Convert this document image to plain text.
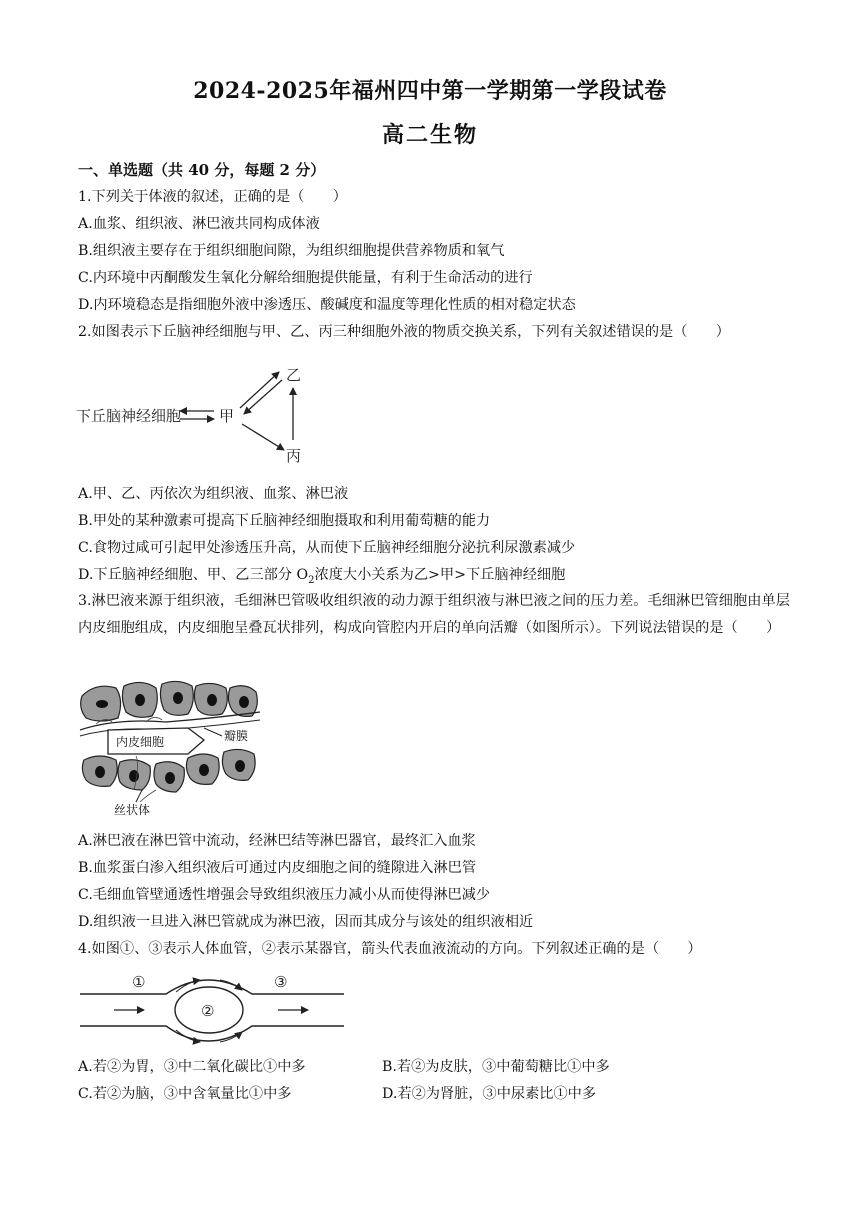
2024-2025年福州四中第一学期第一学段试卷
高二生物
一、单选题（共 40 分，每题 2 分）
1.下列关于体液的叙述，正确的是（　　）
A.血浆、组织液、淋巴液共同构成体液
B.组织液主要存在于组织细胞间隙，为组织细胞提供营养物质和氧气
C.内环境中丙酮酸发生氧化分解给细胞提供能量，有利于生命活动的进行
D.内环境稳态是指细胞外液中渗透压、酸碱度和温度等理化性质的相对稳定状态
2.如图表示下丘脑神经细胞与甲、乙、丙三种细胞外液的物质交换关系，下列有关叙述错误的是（　　）
下丘脑神经细胞	甲
乙
丙
A.甲、乙、丙依次为组织液、血浆、淋巴液
B.甲处的某种激素可提高下丘脑神经细胞摄取和利用葡萄糖的能力
C.食物过咸可引起甲处渗透压升高，从而使下丘脑神经细胞分泌抗利尿激素减少
D.下丘脑神经细胞、甲、乙三部分 $O_2$浓度大小关系为乙>甲>下丘脑神经细胞
3.淋巴液来源于组织液，毛细淋巴管吸收组织液的动力源于组织液与淋巴液之间的压力差。毛细淋巴管细胞由单层内皮细胞组成，内皮细胞呈叠瓦状排列，构成向管腔内开启的单向活瓣（如图所示）。下列说法错误的是（　　）
内皮细胞	瓣膜
丝状体
A.淋巴液在淋巴管中流动，经淋巴结等淋巴器官，最终汇入血浆
B.血浆蛋白渗入组织液后可通过内皮细胞之间的缝隙进入淋巴管
C.毛细血管壁通透性增强会导致组织液压力减小从而使得淋巴减少
D.组织液一旦进入淋巴管就成为淋巴液，因而其成分与该处的组织液相近
4.如图①、③表示人体血管，②表示某器官，箭头代表血液流动的方向。下列叙述正确的是（　　）
①	③
②
A.若②为胃，③中二氧化碳比①中多	B.若②为皮肤，③中葡萄糖比①中多
C.若②为脑，③中含氧量比①中多	D.若②为肾脏，③中尿素比①中多
